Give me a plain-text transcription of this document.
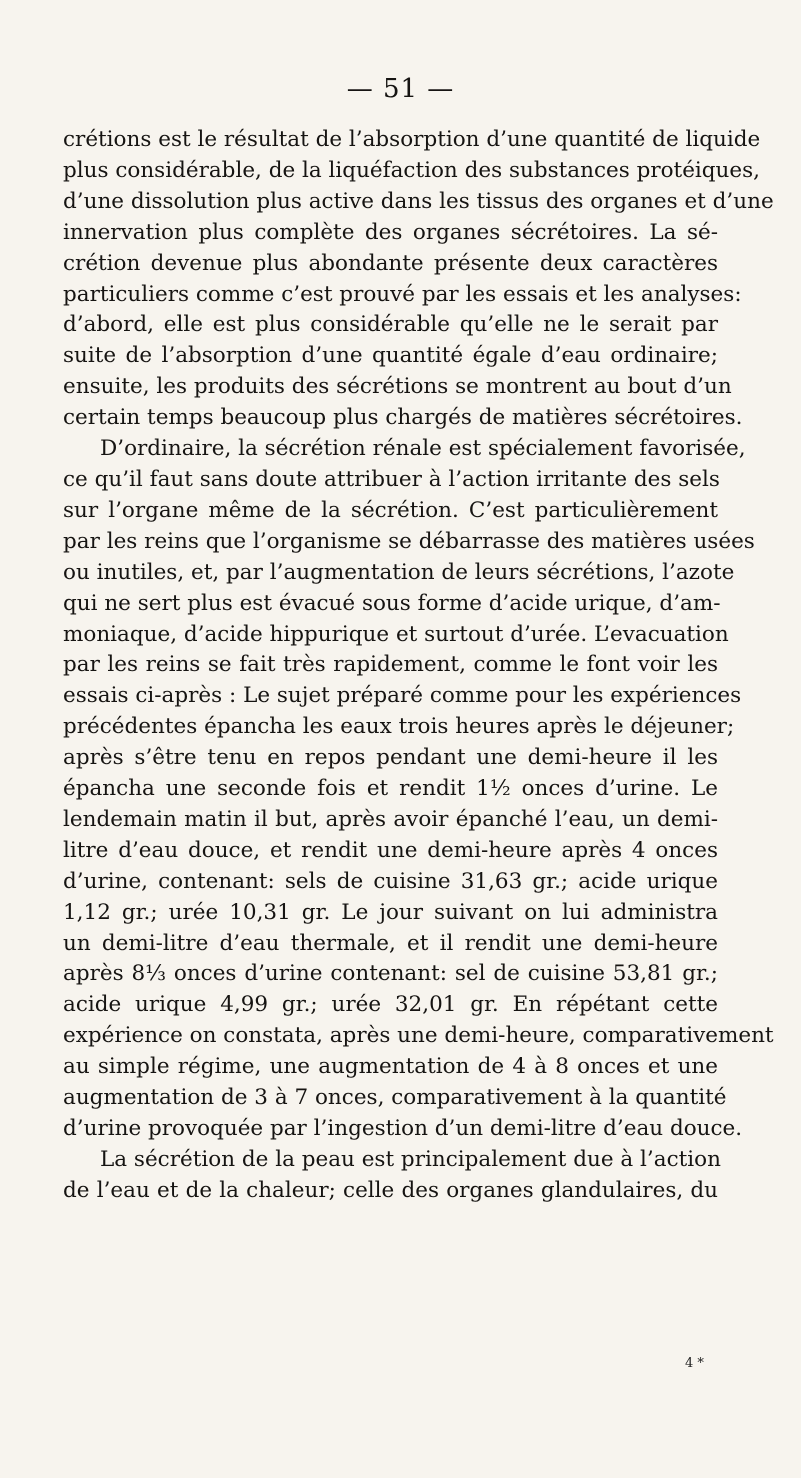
— 51 —
crétions est le résultat de l’absorption d’une quantité de liquide
plus considérable, de la liquéfaction des substances protéiques,
d’une dissolution plus active dans les tissus des organes et d’une
innervation plus complète des organes sécrétoires. La sé-
crétion devenue plus abondante présente deux caractères
particuliers comme c’est prouvé par les essais et les analyses:
d’abord, elle est plus considérable qu’elle ne le serait par
suite de l’absorption d’une quantité égale d’eau ordinaire;
ensuite, les produits des sécrétions se montrent au bout d’un
certain temps beaucoup plus chargés de matières sécrétoires.
D’ordinaire, la sécrétion rénale est spécialement favorisée,
ce qu’il faut sans doute attribuer à l’action irritante des sels
sur l’organe même de la sécrétion. C’est particulièrement
par les reins que l’organisme se débarrasse des matières usées
ou inutiles, et, par l’augmentation de leurs sécrétions, l’azote
qui ne sert plus est évacué sous forme d’acide urique, d’am-
moniaque, d’acide hippurique et surtout d’urée. L’evacuation
par les reins se fait très rapidement, comme le font voir les
essais ci-après : Le sujet préparé comme pour les expériences
précédentes épancha les eaux trois heures après le déjeuner;
après s’être tenu en repos pendant une demi-heure il les
épancha une seconde fois et rendit 1½ onces d’urine. Le
lendemain matin il but, après avoir épanché l’eau, un demi-
litre d’eau douce, et rendit une demi-heure après 4 onces
d’urine, contenant: sels de cuisine 31,63 gr.; acide urique
1,12 gr.; urée 10,31 gr. Le jour suivant on lui administra
un demi-litre d’eau thermale, et il rendit une demi-heure
après 8⅓ onces d’urine contenant: sel de cuisine 53,81 gr.;
acide urique 4,99 gr.; urée 32,01 gr. En répétant cette
expérience on constata, après une demi-heure, comparativement
au simple régime, une augmentation de 4 à 8 onces et une
augmentation de 3 à 7 onces, comparativement à la quantité
d’urine provoquée par l’ingestion d’un demi-litre d’eau douce.
La sécrétion de la peau est principalement due à l’action
de l’eau et de la chaleur; celle des organes glandulaires, du
4 *
